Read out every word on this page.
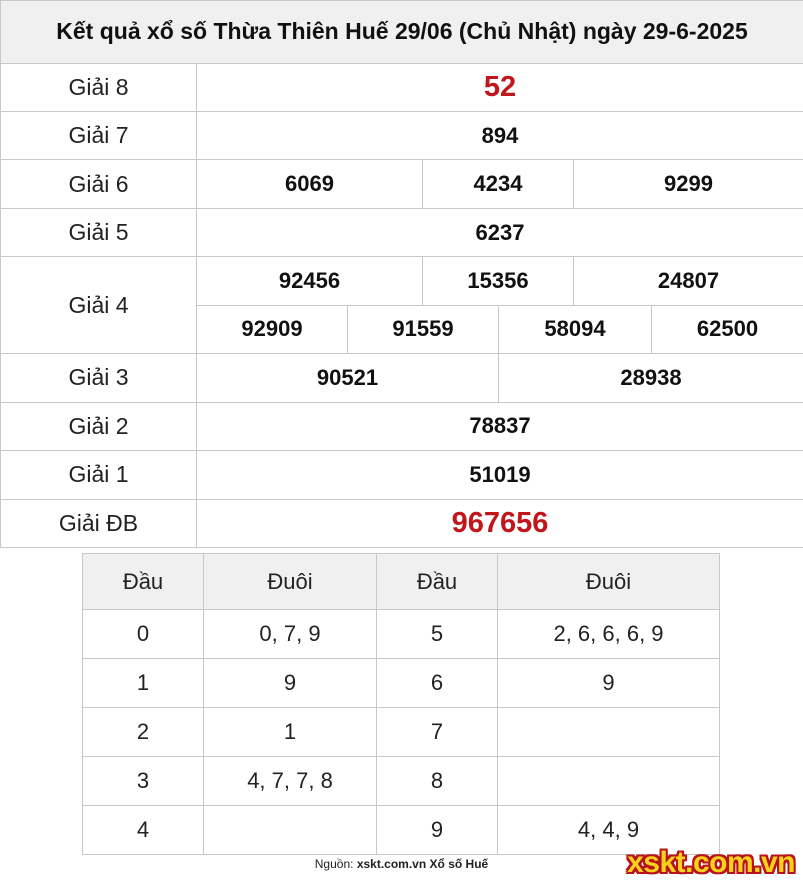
Kết quả xổ số Thừa Thiên Huế 29/06 (Chủ Nhật) ngày 29-6-2025						
Giải 8	52					
Giải 7	894					
Giải 6	6069		4234		9299	
Giải 5	6237					
Giải 4	92456		15356		24807	
	92909	91559		58094		62500
Giải 3	90521			28938		
Giải 2	78837					
Giải 1	51019					
Giải ĐB	967656					
Đầu	Đuôi	Đầu	Đuôi
0	0, 7, 9	5	2, 6, 6, 6, 9
1	9	6	9
2	1	7	
3	4, 7, 7, 8	8	
4		9	4, 4, 9
Nguồn: xskt.com.vn Xổ số Huế	xskt.com.vn
